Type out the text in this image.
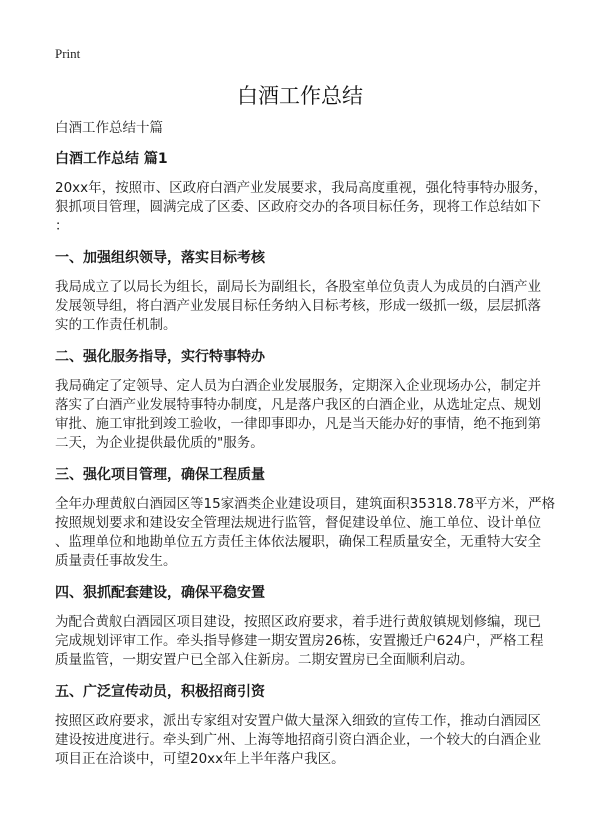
Print
白酒工作总结

白酒工作总结十篇

白酒工作总结 篇1

20xx年，按照市、区政府白酒产业发展要求，我局高度重视，强化特事特办服务，
狠抓项目管理，圆满完成了区委、区政府交办的各项目标任务，现将工作总结如下
：

一、加强组织领导，落实目标考核

我局成立了以局长为组长，副局长为副组长，各股室单位负责人为成员的白酒产业
发展领导组，将白酒产业发展目标任务纳入目标考核，形成一级抓一级，层层抓落
实的工作责任机制。

二、强化服务指导，实行特事特办

我局确定了定领导、定人员为白酒企业发展服务，定期深入企业现场办公，制定并
落实了白酒产业发展特事特办制度，凡是落户我区的白酒企业，从选址定点、规划
审批、施工审批到竣工验收，一律即事即办，凡是当天能办好的事情，绝不拖到第
二天，为企业提供最优质的"服务。

三、强化项目管理，确保工程质量

全年办理黄舣白酒园区等15家酒类企业建设项目，建筑面积35318.78平方米，严格
按照规划要求和建设安全管理法规进行监管，督促建设单位、施工单位、设计单位
、监理单位和地勘单位五方责任主体依法履职，确保工程质量安全，无重特大安全
质量责任事故发生。

四、狠抓配套建设，确保平稳安置

为配合黄舣白酒园区项目建设，按照区政府要求，着手进行黄舣镇规划修编，现已
完成规划评审工作。牵头指导修建一期安置房26栋，安置搬迁户624户，严格工程
质量监管，一期安置户已全部入住新房。二期安置房已全面顺利启动。

五、广泛宣传动员，积极招商引资

按照区政府要求，派出专家组对安置户做大量深入细致的宣传工作，推动白酒园区
建设按进度进行。牵头到广州、上海等地招商引资白酒企业，一个较大的白酒企业
项目正在洽谈中，可望20xx年上半年落户我区。
